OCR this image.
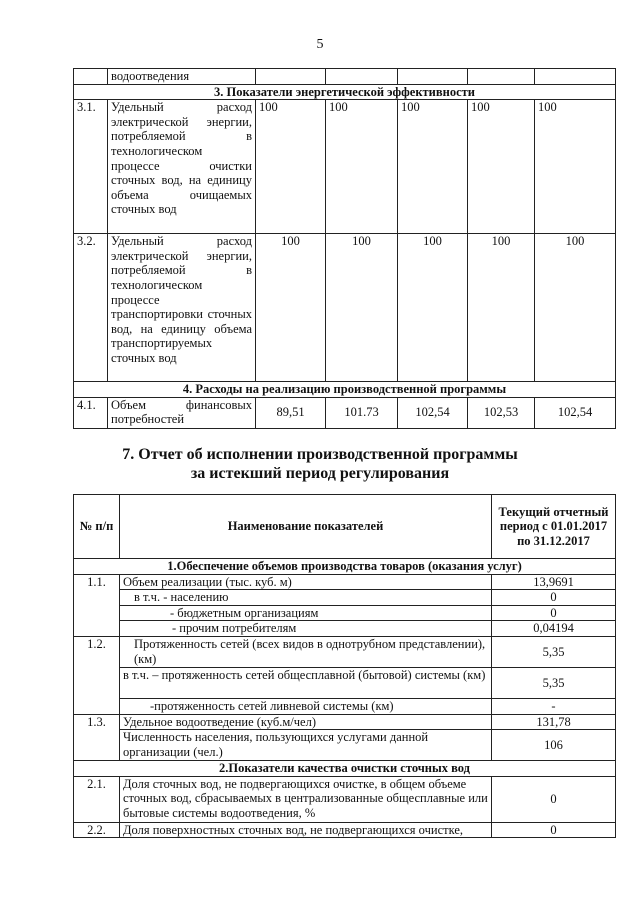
5
	водоотведения					
3. Показатели энергетической эффективности						
3.1.	Удельный расход электрической энергии, потребляемой в технологическом процессе очистки сточных вод, на единицу объема очищаемых сточных вод	100	100	100	100	100
3.2.	Удельный расход электрической энергии, потребляемой в технологическом процессе транспортировки сточных вод, на единицу объема транспортируемых сточных вод	100	100	100	100	100
4. Расходы на реализацию производственной программы						
4.1.	Объем финансовых потребностей	89,51	101.73	102,54	102,53	102,54
7. Отчет об исполнении производственной программы
за истекший период регулирования
№ п/п	Наименование показателей	Текущий отчетный период с 01.01.2017 по 31.12.2017
1.Обеспечение объемов производства товаров (оказания услуг)		
1.1.	Объем реализации (тыс. куб. м)	13,9691
	в т.ч. - населению	0
	- бюджетным организациям	0
	- прочим потребителям	0,04194
1.2.	Протяженность сетей (всех видов в однотрубном представлении), (км)	5,35
	в т.ч. – протяженность сетей общесплавной (бытовой) системы (км)	5,35
	-протяженность сетей ливневой системы (км)	-
1.3.	Удельное водоотведение (куб.м/чел)	131,78
	Численность населения, пользующихся услугами данной организации (чел.)	106
2.Показатели качества очистки сточных вод		
2.1.	Доля сточных вод, не подвергающихся очистке, в общем объеме сточных вод, сбрасываемых в централизованные общесплавные или бытовые системы водоотведения, %	0
2.2.	Доля поверхностных сточных вод, не подвергающихся очистке,	0
